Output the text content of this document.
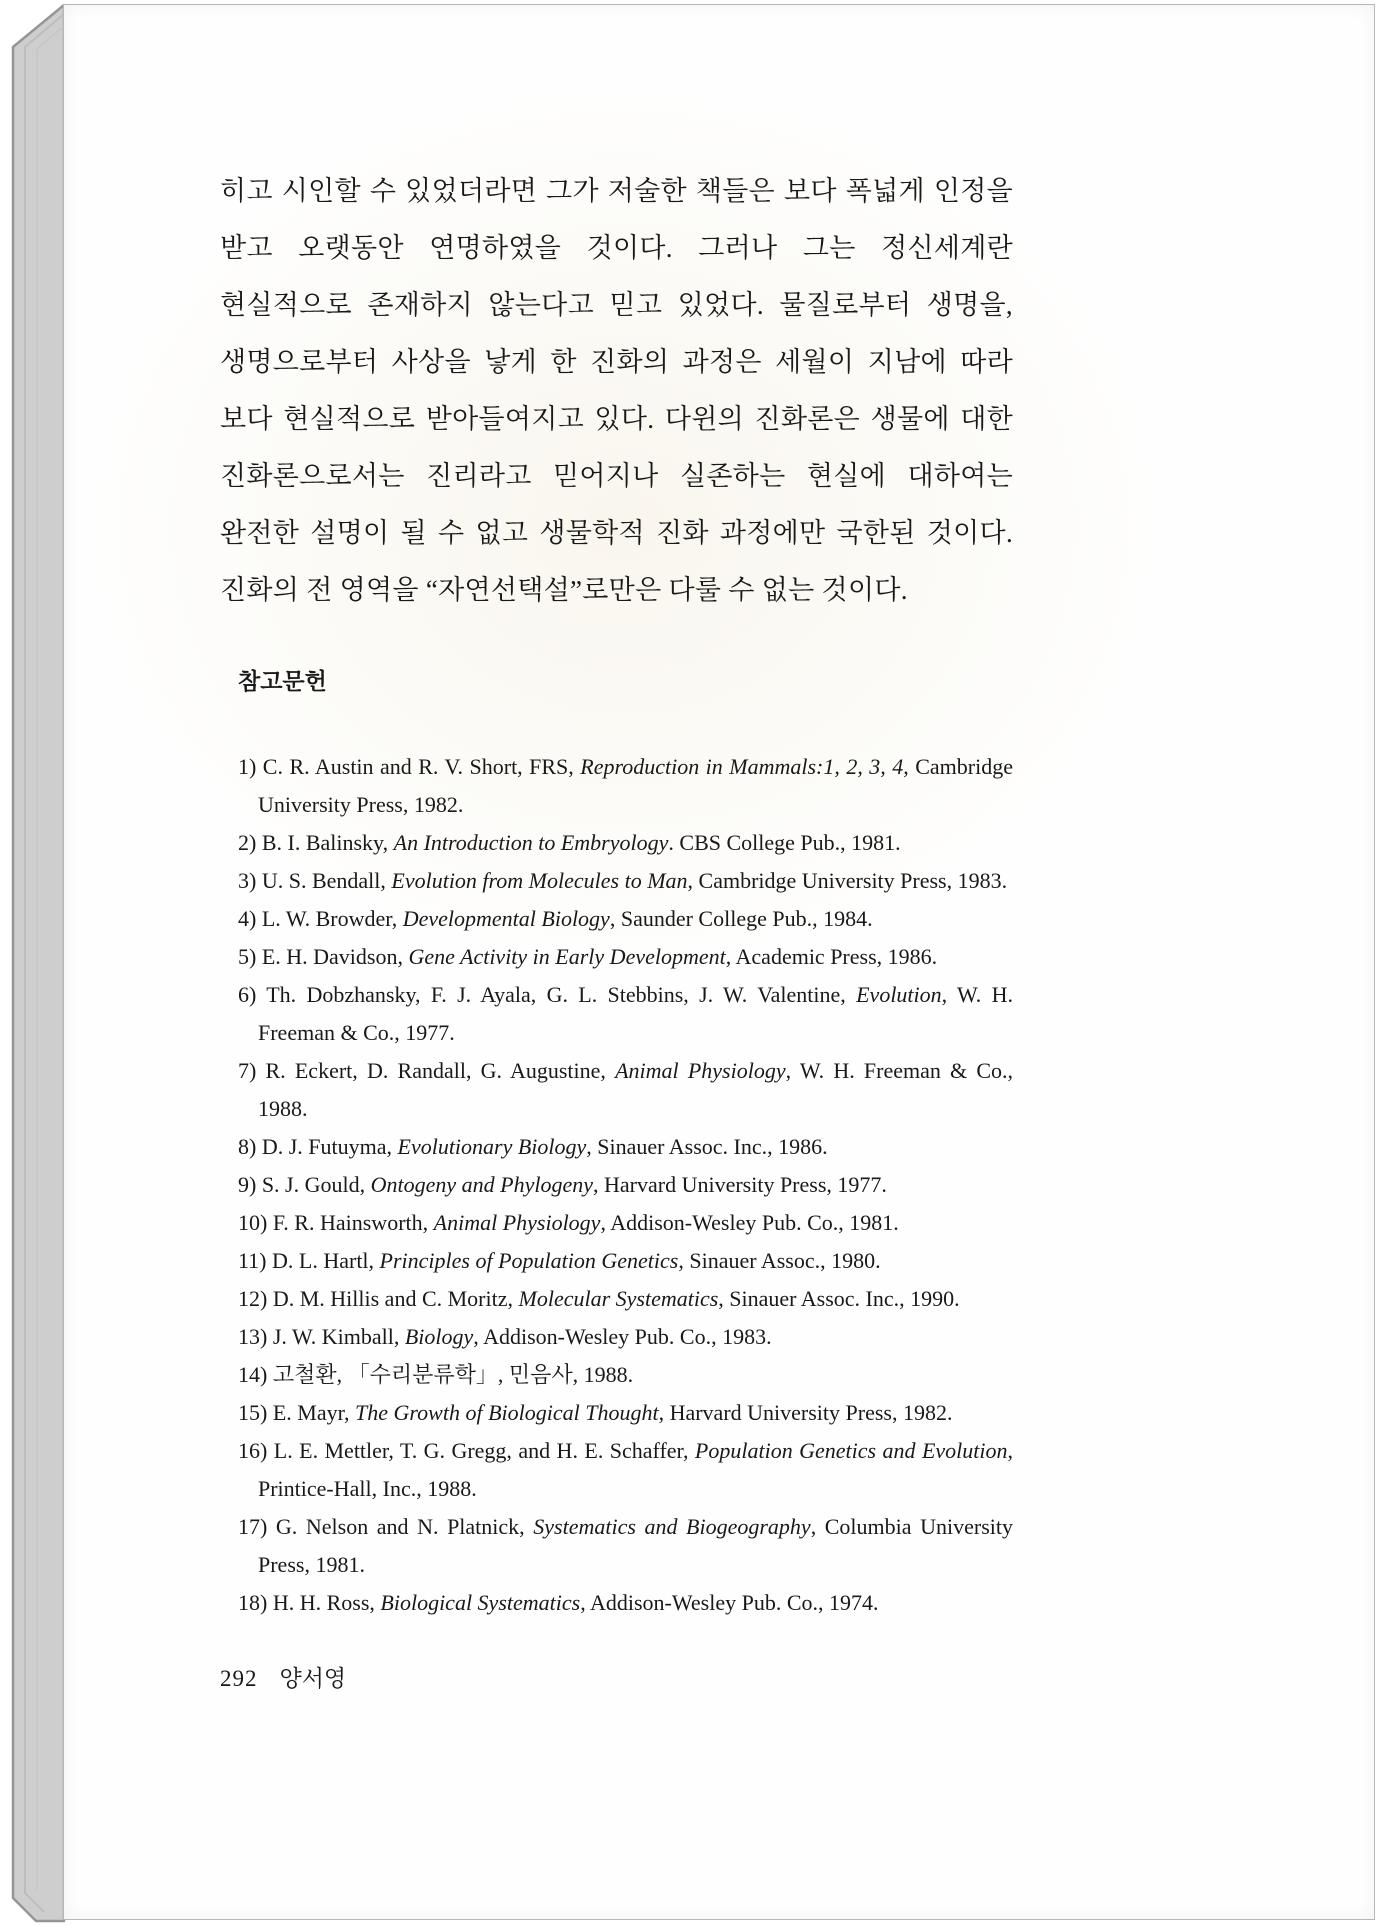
히고 시인할 수 있었더라면 그가 저술한 책들은 보다 폭넓게 인정을 받고 오랫동안 연명하였을 것이다. 그러나 그는 정신세계란 현실적으로 존재하지 않는다고 믿고 있었다. 물질로부터 생명을, 생명으로부터 사상을 낳게 한 진화의 과정은 세월이 지남에 따라 보다 현실적으로 받아들여지고 있다. 다윈의 진화론은 생물에 대한 진화론으로서는 진리라고 믿어지나 실존하는 현실에 대하여는 완전한 설명이 될 수 없고 생물학적 진화 과정에만 국한된 것이다. 진화의 전 영역을 “자연선택설”로만은 다룰 수 없는 것이다.

참고문헌

1) C. R. Austin and R. V. Short, FRS, Reproduction in Mammals:1, 2, 3, 4, Cambridge University Press, 1982.

2) B. I. Balinsky, An Introduction to Embryology. CBS College Pub., 1981.

3) U. S. Bendall, Evolution from Molecules to Man, Cambridge University Press, 1983.

4) L. W. Browder, Developmental Biology, Saunder College Pub., 1984.

5) E. H. Davidson, Gene Activity in Early Development, Academic Press, 1986.

6) Th. Dobzhansky, F. J. Ayala, G. L. Stebbins, J. W. Valentine, Evolution, W. H. Freeman & Co., 1977.

7) R. Eckert, D. Randall, G. Augustine, Animal Physiology, W. H. Freeman & Co., 1988.

8) D. J. Futuyma, Evolutionary Biology, Sinauer Assoc. Inc., 1986.

9) S. J. Gould, Ontogeny and Phylogeny, Harvard University Press, 1977.

10) F. R. Hainsworth, Animal Physiology, Addison-Wesley Pub. Co., 1981.

11) D. L. Hartl, Principles of Population Genetics, Sinauer Assoc., 1980.

12) D. M. Hillis and C. Moritz, Molecular Systematics, Sinauer Assoc. Inc., 1990.

13) J. W. Kimball, Biology, Addison-Wesley Pub. Co., 1983.

14) 고철환, 「수리분류학」, 민음사, 1988.

15) E. Mayr, The Growth of Biological Thought, Harvard University Press, 1982.

16) L. E. Mettler, T. G. Gregg, and H. E. Schaffer, Population Genetics and Evolution, Printice-Hall, Inc., 1988.

17) G. Nelson and N. Platnick, Systematics and Biogeography, Columbia University Press, 1981.

18) H. H. Ross, Biological Systematics, Addison-Wesley Pub. Co., 1974.

292 양서영
